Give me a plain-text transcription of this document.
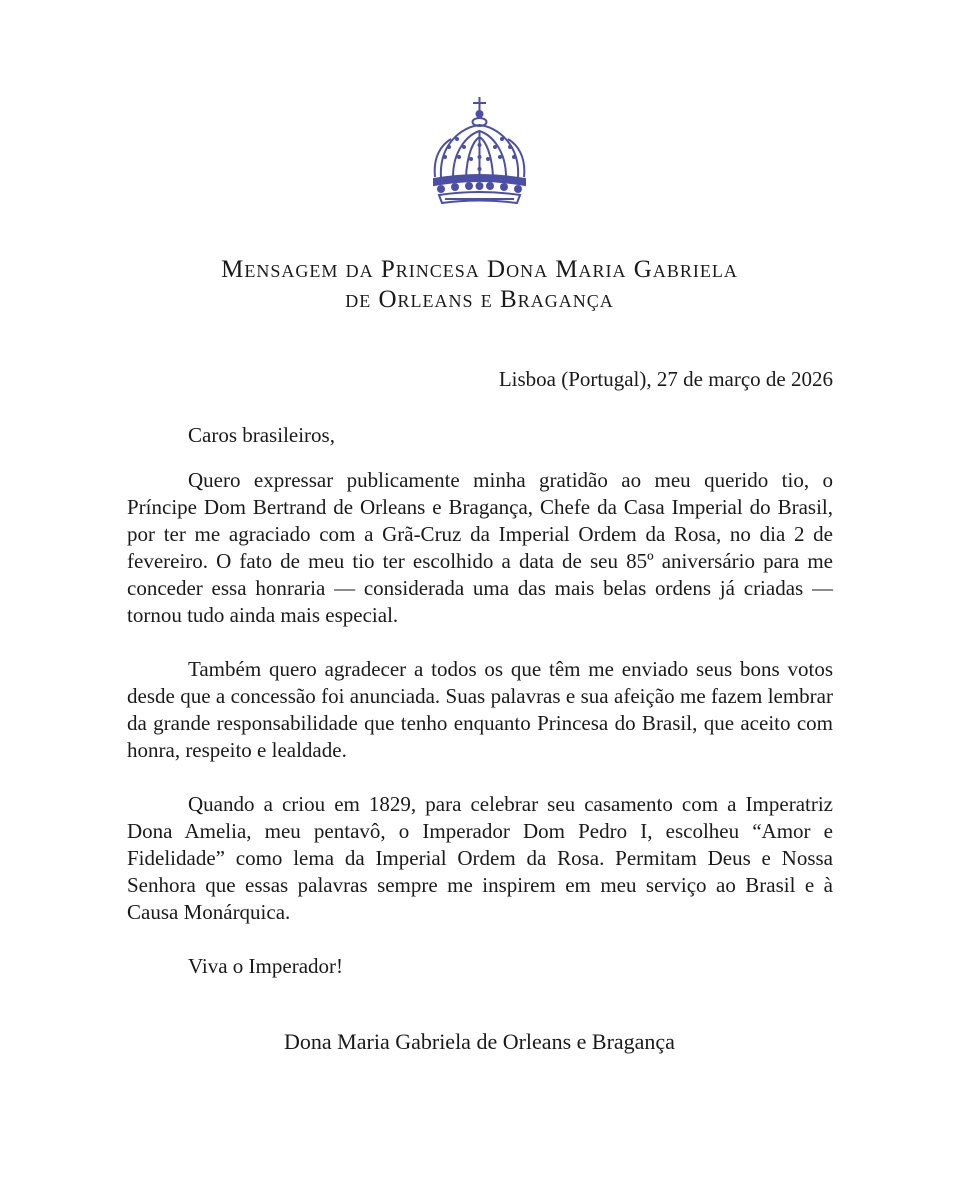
Mensagem da Princesa Dona Maria Gabriela
de Orleans e Bragança
Lisboa (Portugal), 27 de março de 2026
Caros brasileiros,

Quero expressar publicamente minha gratidão ao meu querido tio, o Príncipe Dom Bertrand de Orleans e Bragança, Chefe da Casa Imperial do Brasil, por ter me agraciado com a Grã-Cruz da Imperial Ordem da Rosa, no dia 2 de fevereiro. O fato de meu tio ter escolhido a data de seu 85º aniversário para me conceder essa honraria — considerada uma das mais belas ordens já criadas — tornou tudo ainda mais especial.

Também quero agradecer a todos os que têm me enviado seus bons votos desde que a concessão foi anunciada. Suas palavras e sua afeição me fazem lembrar da grande responsabilidade que tenho enquanto Princesa do Brasil, que aceito com honra, respeito e lealdade.

Quando a criou em 1829, para celebrar seu casamento com a Imperatriz Dona Amelia, meu pentavô, o Imperador Dom Pedro I, escolheu “Amor e Fidelidade” como lema da Imperial Ordem da Rosa. Permitam Deus e Nossa Senhora que essas palavras sempre me inspirem em meu serviço ao Brasil e à Causa Monárquica.

Viva o Imperador!
Dona Maria Gabriela de Orleans e Bragança
